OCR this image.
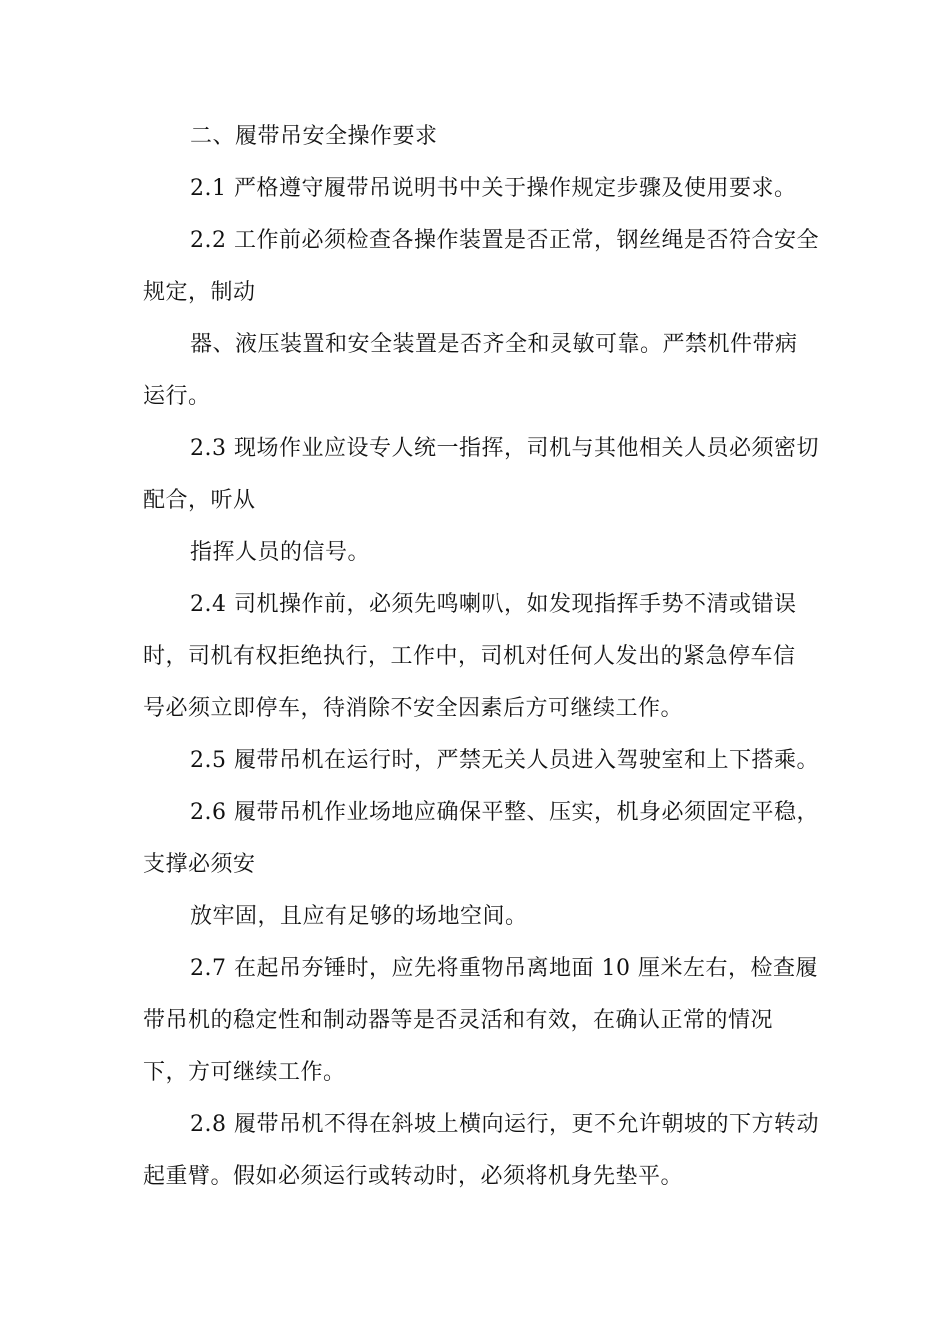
二、履带吊安全操作要求
2.1 严格遵守履带吊说明书中关于操作规定步骤及使用要求。
2.2 工作前必须检查各操作装置是否正常，钢丝绳是否符合安全
规定，制动
器、液压装置和安全装置是否齐全和灵敏可靠。严禁机件带病
运行。
2.3 现场作业应设专人统一指挥，司机与其他相关人员必须密切
配合，听从
指挥人员的信号。
2.4 司机操作前，必须先鸣喇叭，如发现指挥手势不清或错误
时，司机有权拒绝执行，工作中，司机对任何人发出的紧急停车信
号必须立即停车，待消除不安全因素后方可继续工作。
2.5 履带吊机在运行时，严禁无关人员进入驾驶室和上下搭乘。
2.6 履带吊机作业场地应确保平整、压实，机身必须固定平稳，
支撑必须安
放牢固，且应有足够的场地空间。
2.7 在起吊夯锤时，应先将重物吊离地面 10 厘米左右，检查履
带吊机的稳定性和制动器等是否灵活和有效，在确认正常的情况
下，方可继续工作。
2.8 履带吊机不得在斜坡上横向运行，更不允许朝坡的下方转动
起重臂。假如必须运行或转动时，必须将机身先垫平。
